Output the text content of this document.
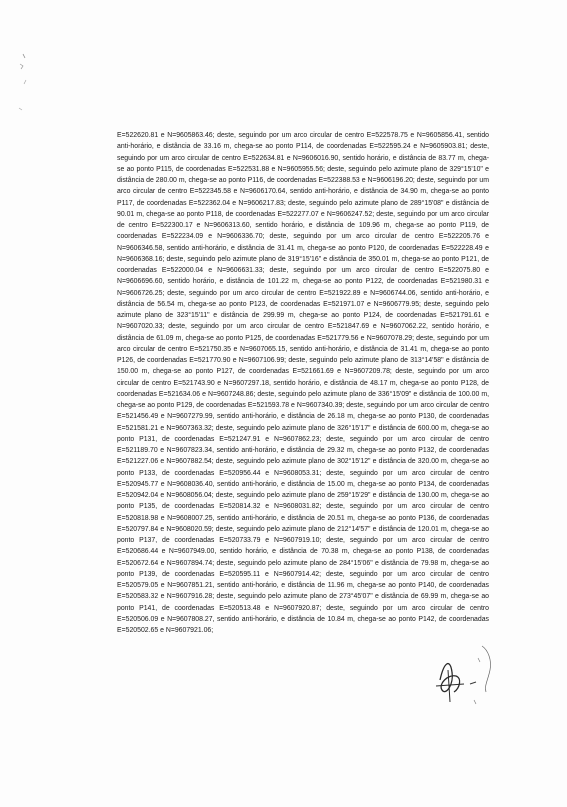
E=522620.81 e N=9605863.46; deste, seguindo por um arco circular de centro E=522578.75 e N=9605856.41, sentido anti-horário, e distância de 33.16 m, chega-se ao ponto P114, de coordenadas E=522595.24 e N=9605903.81; deste, seguindo por um arco circular de centro E=522634.81 e N=9606016.90, sentido horário, e distância de 83.77 m, chega-se ao ponto P115, de coordenadas E=522531.88 e N=9605955.56; deste, seguindo pelo azimute plano de 329°15'10" e distância de 280.00 m, chega-se ao ponto P116, de coordenadas E=522388.53 e N=9606196.20; deste, seguindo por um arco circular de centro E=522345.58 e N=9606170.64, sentido anti-horário, e distância de 34.90 m, chega-se ao ponto P117, de coordenadas E=522362.04 e N=9606217.83; deste, seguindo pelo azimute plano de 289°15'08" e distância de 90.01 m, chega-se ao ponto P118, de coordenadas E=522277.07 e N=9606247.52; deste, seguindo por um arco circular de centro E=522300.17 e N=9606313.60, sentido horário, e distância de 109.96 m, chega-se ao ponto P119, de coordenadas E=522234.09 e N=9606336.70; deste, seguindo por um arco circular de centro E=522205.76 e N=9606346.58, sentido anti-horário, e distância de 31.41 m, chega-se ao ponto P120, de coordenadas E=522228.49 e N=9606368.16; deste, seguindo pelo azimute plano de 319°15'16" e distância de 350.01 m, chega-se ao ponto P121, de coordenadas E=522000.04 e N=9606631.33; deste, seguindo por um arco circular de centro E=522075.80 e N=9606696.60, sentido horário, e distância de 101.22 m, chega-se ao ponto P122, de coordenadas E=521980.31 e N=9606726.25; deste, seguindo por um arco circular de centro E=521922.89 e N=9606744.06, sentido anti-horário, e distância de 56.54 m, chega-se ao ponto P123, de coordenadas E=521971.07 e N=9606779.95; deste, seguindo pelo azimute plano de 323°15'11" e distância de 299.99 m, chega-se ao ponto P124, de coordenadas E=521791.61 e N=9607020.33; deste, seguindo por um arco circular de centro E=521847.69 e N=9607062.22, sentido horário, e distância de 61.09 m, chega-se ao ponto P125, de coordenadas E=521779.56 e N=9607078.29; deste, seguindo por um arco circular de centro E=521750.35 e N=9607065.15, sentido anti-horário, e distância de 31.41 m, chega-se ao ponto P126, de coordenadas E=521770.90 e N=9607106.99; deste, seguindo pelo azimute plano de 313°14'58" e distância de 150.00 m, chega-se ao ponto P127, de coordenadas E=521661.69 e N=9607209.78; deste, seguindo por um arco circular de centro E=521743.90 e N=9607297.18, sentido horário, e distância de 48.17 m, chega-se ao ponto P128, de coordenadas E=521634.06 e N=9607248.86; deste, seguindo pelo azimute plano de 336°15'09" e distância de 100.00 m, chega-se ao ponto P129, de coordenadas E=521593.78 e N=9607340.39; deste, seguindo por um arco circular de centro E=521456.49 e N=9607279.99, sentido anti-horário, e distância de 26.18 m, chega-se ao ponto P130, de coordenadas E=521581.21 e N=9607363.32; deste, seguindo pelo azimute plano de 326°15'17" e distância de 600.00 m, chega-se ao ponto P131, de coordenadas E=521247.91 e N=9607862.23; deste, seguindo por um arco circular de centro E=521189.70 e N=9607823.34, sentido anti-horário, e distância de 29.32 m, chega-se ao ponto P132, de coordenadas E=521227.06 e N=9607882.54; deste, seguindo pelo azimute plano de 302°15'12" e distância de 320.00 m, chega-se ao ponto P133, de coordenadas E=520956.44 e N=9608053.31; deste, seguindo por um arco circular de centro E=520945.77 e N=9608036.40, sentido anti-horário, e distância de 15.00 m, chega-se ao ponto P134, de coordenadas E=520942.04 e N=9608056.04; deste, seguindo pelo azimute plano de 259°15'29" e distância de 130.00 m, chega-se ao ponto P135, de coordenadas E=520814.32 e N=9608031.82; deste, seguindo por um arco circular de centro E=520818.98 e N=9608007.25, sentido anti-horário, e distância de 20.51 m, chega-se ao ponto P136, de coordenadas E=520797.84 e N=9608020.59; deste, seguindo pelo azimute plano de 212°14'57" e distância de 120.01 m, chega-se ao ponto P137, de coordenadas E=520733.79 e N=9607919.10; deste, seguindo por um arco circular de centro E=520686.44 e N=9607949.00, sentido horário, e distância de 70.38 m, chega-se ao ponto P138, de coordenadas E=520672.64 e N=9607894.74; deste, seguindo pelo azimute plano de 284°15'06" e distância de 79.98 m, chega-se ao ponto P139, de coordenadas E=520595.11 e N=9607914.42; deste, seguindo por um arco circular de centro E=520579.05 e N=9607851.21, sentido anti-horário, e distância de 11.96 m, chega-se ao ponto P140, de coordenadas E=520583.32 e N=9607916.28; deste, seguindo pelo azimute plano de 273°45'07" e distância de 69.99 m, chega-se ao ponto P141, de coordenadas E=520513.48 e N=9607920.87; deste, seguindo por um arco circular de centro E=520506.09 e N=9607808.27, sentido anti-horário, e distância de 10.84 m, chega-se ao ponto P142, de coordenadas E=520502.65 e N=9607921.06;
